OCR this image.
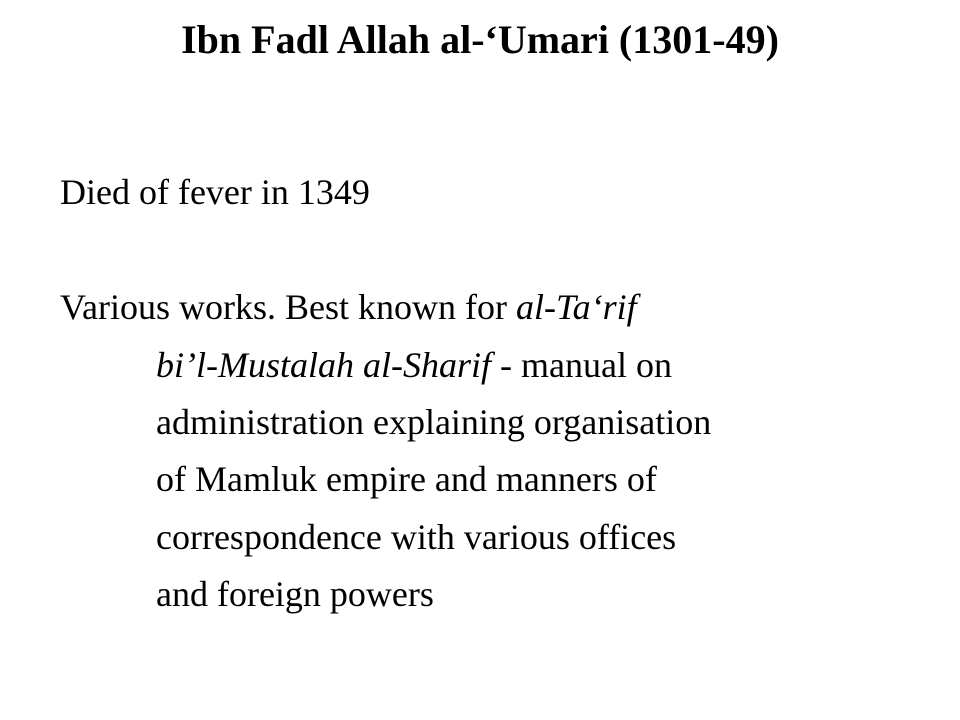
Ibn Fadl Allah al-‘Umari (1301-49)

Died of fever in 1349

Various works. Best known for al-Ta‘rif

bi’l-Mustalah al-Sharif - manual on

administration explaining organisation

of Mamluk empire and manners of

correspondence with various offices

and foreign powers
